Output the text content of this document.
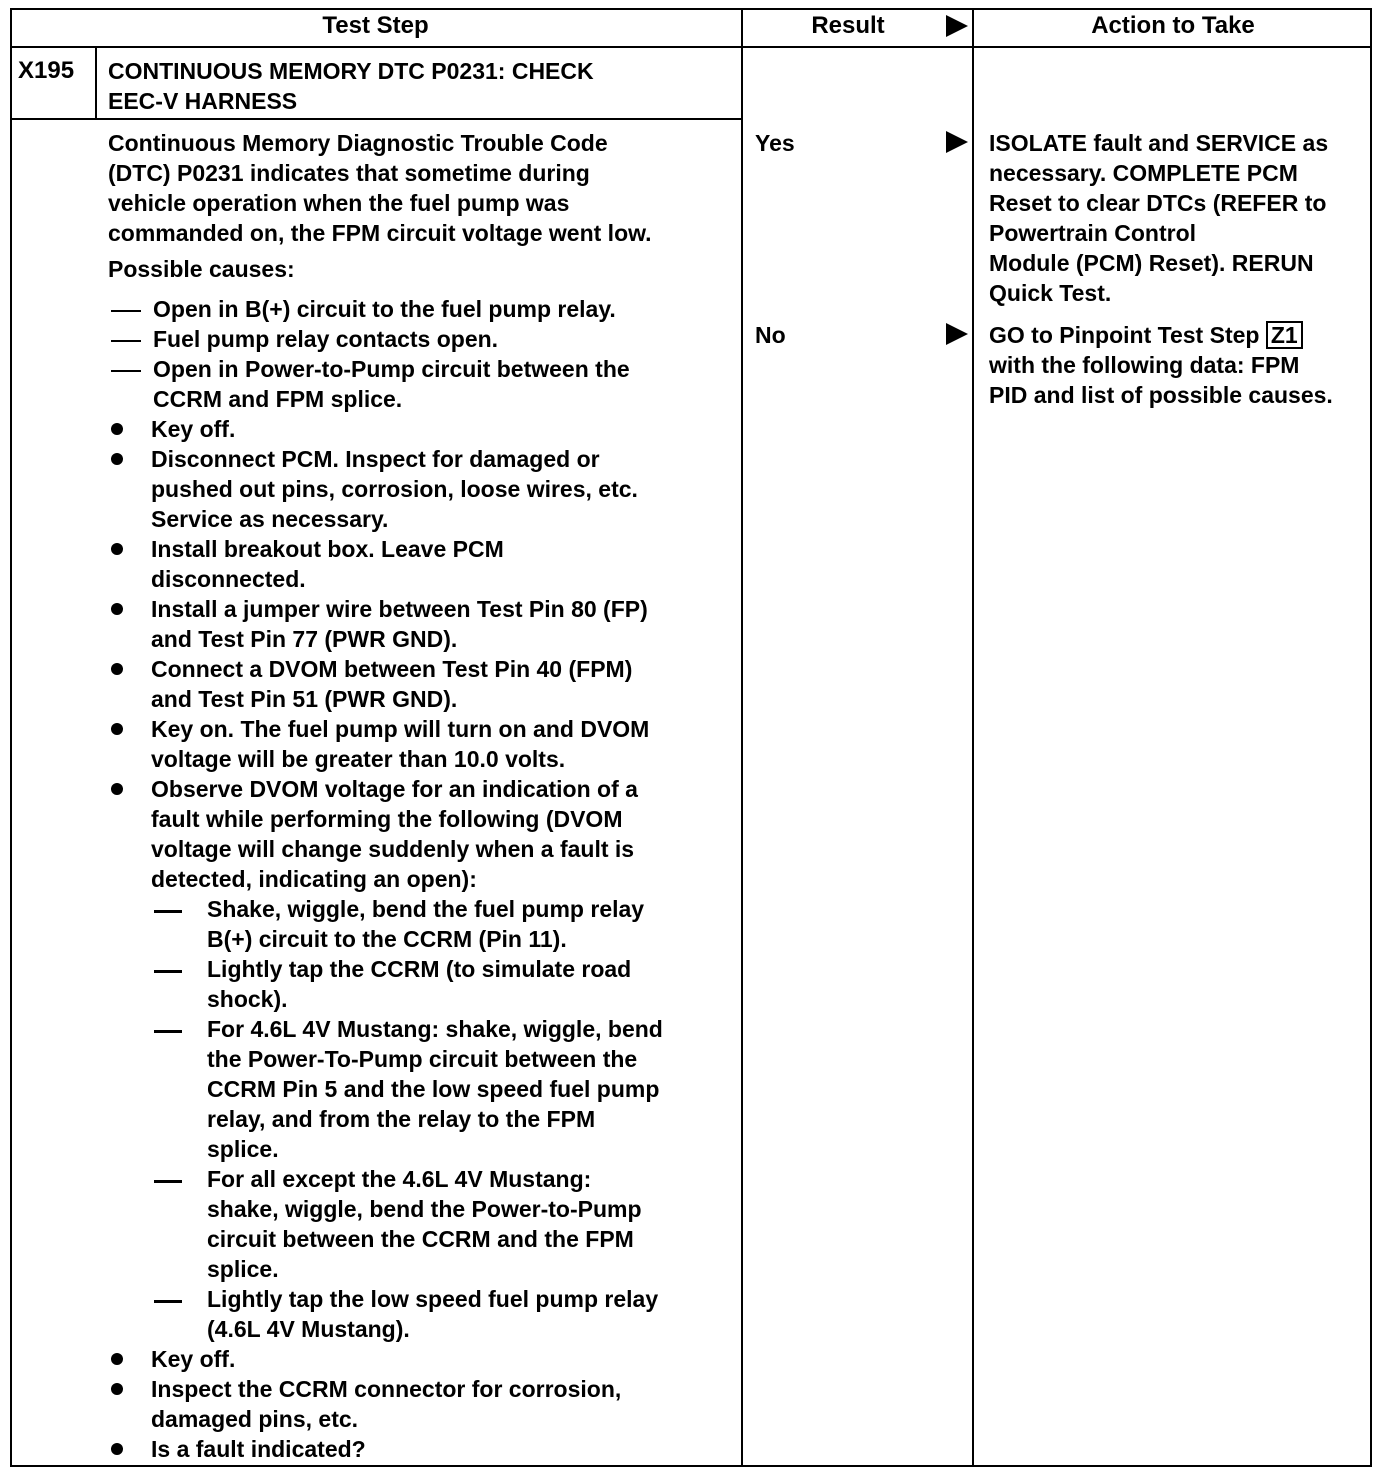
Test Step	Result	Action to Take
X195 CONTINUOUS MEMORY DTC P0231: CHECK
EEC-V HARNESS
Continuous Memory Diagnostic Trouble Code
(DTC) P0231 indicates that sometime during
vehicle operation when the fuel pump was
commanded on, the FPM circuit voltage went low.
Possible causes:
Open in B(+) circuit to the fuel pump relay.
Fuel pump relay contacts open.
Open in Power-to-Pump circuit between the
CCRM and FPM splice.
Key off.
Disconnect PCM. Inspect for damaged or
pushed out pins, corrosion, loose wires, etc.
Service as necessary.
Install breakout box. Leave PCM
disconnected.
Install a jumper wire between Test Pin 80 (FP)
and Test Pin 77 (PWR GND).
Connect a DVOM between Test Pin 40 (FPM)
and Test Pin 51 (PWR GND).
Key on. The fuel pump will turn on and DVOM
voltage will be greater than 10.0 volts.
Observe DVOM voltage for an indication of a
fault while performing the following (DVOM
voltage will change suddenly when a fault is
detected, indicating an open):
Shake, wiggle, bend the fuel pump relay
B(+) circuit to the CCRM (Pin 11).
Lightly tap the CCRM (to simulate road
shock).
For 4.6L 4V Mustang: shake, wiggle, bend
the Power-To-Pump circuit between the
CCRM Pin 5 and the low speed fuel pump
relay, and from the relay to the FPM
splice.
For all except the 4.6L 4V Mustang:
shake, wiggle, bend the Power-to-Pump
circuit between the CCRM and the FPM
splice.
Lightly tap the low speed fuel pump relay
(4.6L 4V Mustang).
Key off.
Inspect the CCRM connector for corrosion,
damaged pins, etc.
Is a fault indicated?
Yes
No
ISOLATE fault and SERVICE as
necessary. COMPLETE PCM
Reset to clear DTCs (REFER to
Powertrain Control
Module (PCM) Reset). RERUN
Quick Test.
GO to Pinpoint Test Step Z1
with the following data: FPM
PID and list of possible causes.
